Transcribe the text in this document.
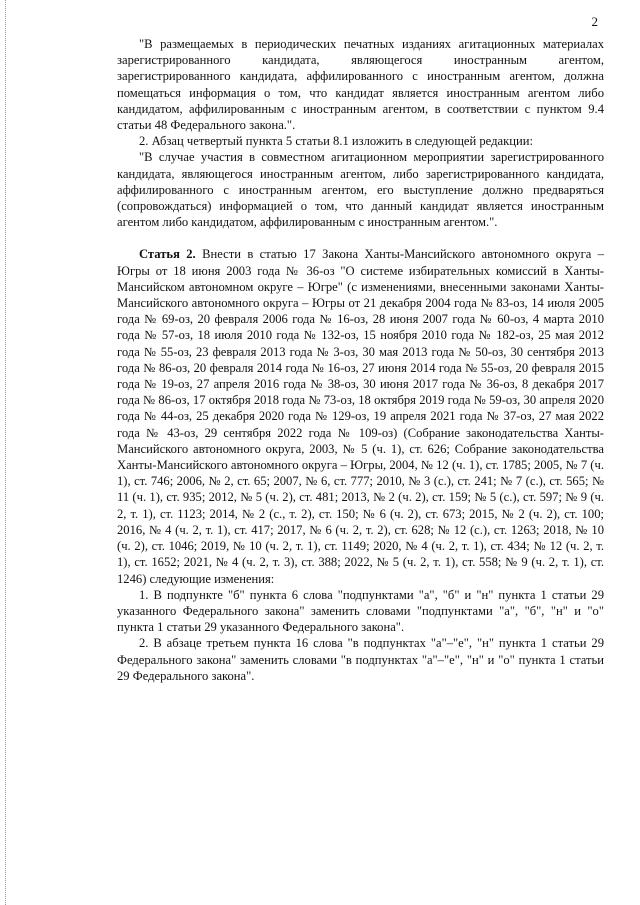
2

"В размещаемых в периодических печатных изданиях агитационных материалах зарегистрированного кандидата, являющегося иностранным агентом, зарегистрированного кандидата, аффилированного с иностранным агентом, должна помещаться информация о том, что кандидат является иностранным агентом либо кандидатом, аффилированным с иностранным агентом, в соответствии с пунктом 9.4 статьи 48 Федерального закона.".

2. Абзац четвертый пункта 5 статьи 8.1 изложить в следующей редакции:

"В случае участия в совместном агитационном мероприятии зарегистрированного кандидата, являющегося иностранным агентом, либо зарегистрированного кандидата, аффилированного с иностранным агентом, его выступление должно предваряться (сопровождаться) информацией о том, что данный кандидат является иностранным агентом либо кандидатом, аффилированным с иностранным агентом.".

Статья 2. Внести в статью 17 Закона Ханты-Мансийского автономного округа – Югры от 18 июня 2003 года № 36-оз "О системе избирательных комиссий в Ханты-Мансийском автономном округе – Югре" (с изменениями, внесенными законами Ханты-Мансийского автономного округа – Югры от 21 декабря 2004 года № 83-оз, 14 июля 2005 года № 69-оз, 20 февраля 2006 года № 16-оз, 28 июня 2007 года № 60-оз, 4 марта 2010 года № 57-оз, 18 июля 2010 года № 132-оз, 15 ноября 2010 года № 182-оз, 25 мая 2012 года № 55-оз, 23 февраля 2013 года № 3-оз, 30 мая 2013 года № 50-оз, 30 сентября 2013 года № 86-оз, 20 февраля 2014 года № 16-оз, 27 июня 2014 года № 55-оз, 20 февраля 2015 года № 19-оз, 27 апреля 2016 года № 38-оз, 30 июня 2017 года № 36-оз, 8 декабря 2017 года № 86-оз, 17 октября 2018 года № 73-оз, 18 октября 2019 года № 59-оз, 30 апреля 2020 года № 44-оз, 25 декабря 2020 года № 129-оз, 19 апреля 2021 года № 37-оз, 27 мая 2022 года № 43-оз, 29 сентября 2022 года № 109-оз) (Собрание законодательства Ханты-Мансийского автономного округа, 2003, № 5 (ч. 1), ст. 626; Собрание законодательства Ханты-Мансийского автономного округа – Югры, 2004, № 12 (ч. 1), ст. 1785; 2005, № 7 (ч. 1), ст. 746; 2006, № 2, ст. 65; 2007, № 6, ст. 777; 2010, № 3 (с.), ст. 241; № 7 (с.), ст. 565; № 11 (ч. 1), ст. 935; 2012, № 5 (ч. 2), ст. 481; 2013, № 2 (ч. 2), ст. 159; № 5 (с.), ст. 597; № 9 (ч. 2, т. 1), ст. 1123; 2014, № 2 (с., т. 2), ст. 150; № 6 (ч. 2), ст. 673; 2015, № 2 (ч. 2), ст. 100; 2016, № 4 (ч. 2, т. 1), ст. 417; 2017, № 6 (ч. 2, т. 2), ст. 628; № 12 (с.), ст. 1263; 2018, № 10 (ч. 2), ст. 1046; 2019, № 10 (ч. 2, т. 1), ст. 1149; 2020, № 4 (ч. 2, т. 1), ст. 434; № 12 (ч. 2, т. 1), ст. 1652; 2021, № 4 (ч. 2, т. 3), ст. 388; 2022, № 5 (ч. 2, т. 1), ст. 558; № 9 (ч. 2, т. 1), ст. 1246) следующие изменения:

1. В подпункте "б" пункта 6 слова "подпунктами "а", "б" и "н" пункта 1 статьи 29 указанного Федерального закона" заменить словами "подпунктами "а", "б", "н" и "о" пункта 1 статьи 29 указанного Федерального закона".

2. В абзаце третьем пункта 16 слова "в подпунктах "а"–"е", "н" пункта 1 статьи 29 Федерального закона" заменить словами "в подпунктах "а"–"е", "н" и "о" пункта 1 статьи 29 Федерального закона".
